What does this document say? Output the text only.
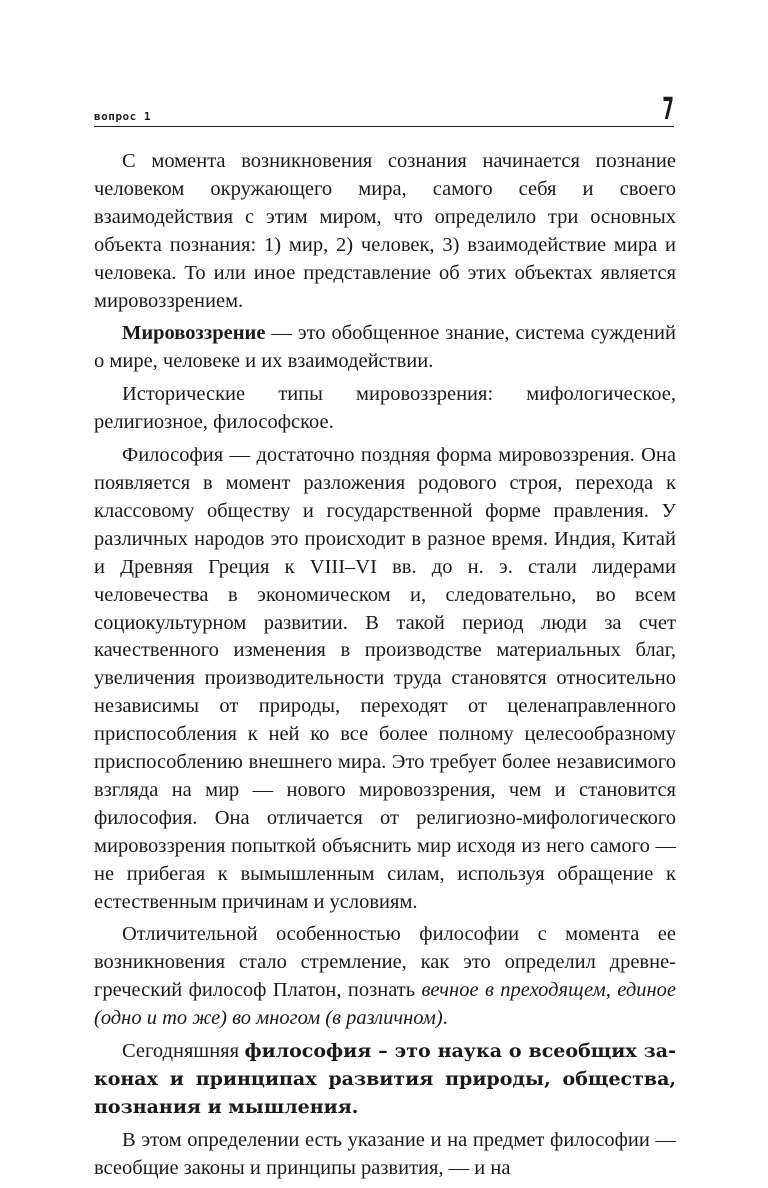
вопрос 1	7

С момента возникновения сознания начинается познание человеком окружающего мира, самого себя и своего взаимодействия с этим миром, что определило три основных объекта познания: 1) мир, 2) человек, 3) взаимодействие мира и человека. То или иное представление об этих объектах является мировоззрением.

Мировоззрение — это обобщенное знание, система суждений о мире, человеке и их взаимодействии.

Исторические типы мировоззрения: мифологическое, религиозное, философское.

Философия — достаточно поздняя форма мировоззрения. Она появляется в момент разложения родового строя, перехода к классовому обществу и государственной форме правления. У различных народов это происходит в разное время. Индия, Китай и Древняя Греция к VIII–VI вв. до н. э. стали лидерами человечества в экономическом и, следовательно, во всем социокультурном развитии. В такой период люди за счет качественного изменения в производстве материальных благ, увеличения производительности труда становятся относительно независимы от природы, переходят от целенаправленного приспособления к ней ко все более полному целесообразному приспособлению внешнего мира. Это требует более независимого взгляда на мир — нового мировоззрения, чем и становится философия. Она отличается от религиозно-мифологического мировоззрения попыткой объяснить мир исходя из него самого — не прибегая к вымышленным силам, используя обращение к естественным причинам и условиям.

Отличительной особенностью философии с момента ее возникновения стало стремление, как это определил древнегреческий философ Платон, познать вечное в преходящем, единое (одно и то же) во многом (в различном).

Сегодняшняя философия – это наука о всеобщих законах и принципах развития природы, общества, познания и мышления.

В этом определении есть указание и на предмет философии — всеобщие законы и принципы развития, — и на
